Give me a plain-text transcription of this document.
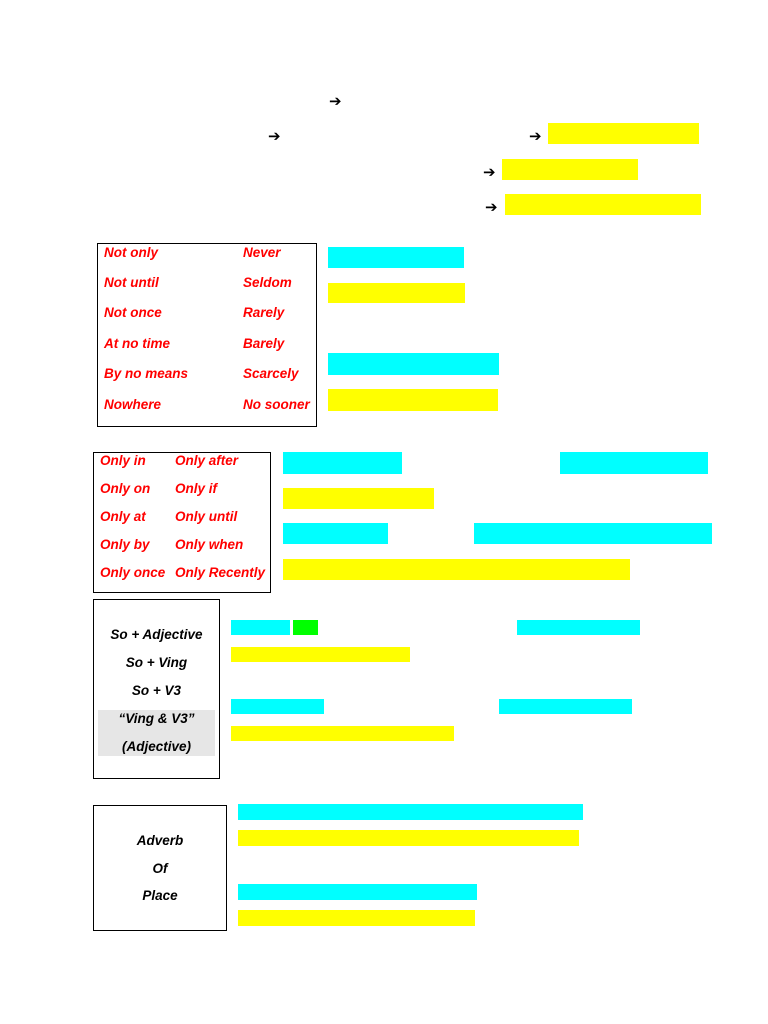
➔
➔	➔
➔
➔
Not only
Not until
Not once
At no time
By no means
Nowhere
Never
Seldom
Rarely
Barely
Scarcely
No sooner
Only in
Only on
Only at
Only by
Only once
Only after
Only if
Only until
Only when
Only Recently
So + Adjective
So + Ving
So + V3
“Ving & V3”
(Adjective)
Adverb
Of
Place
